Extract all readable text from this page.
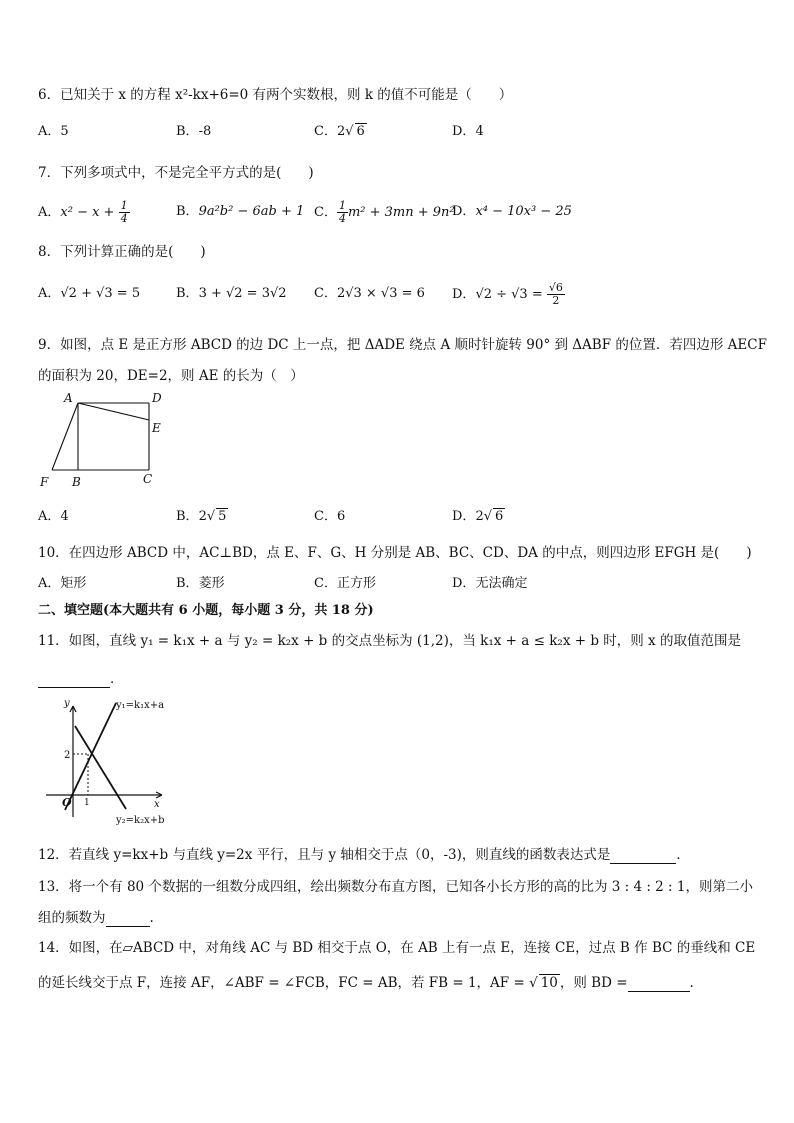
6．已知关于 x 的方程 x²-kx+6=0 有两个实数根，则 k 的值不可能是（　　）
A．5	B．-8	C．2√ 6	D．4
7．下列多项式中，不是完全平方式的是(　　)
A．$x^2 - x + \frac{1}{4}$	B．9a²b² − 6ab + 1 C． $\frac{1}{4} m^2 + 3mn + 9n^2$
D．x⁴ − 10x³ − 25
8．下列计算正确的是(　　)
A．√2 + √3 = 5	B．3 + √2 = 3√2 C．2√3 × √3 = 6 D．$√2 \div √3 = \frac{√6}{2}$
9．如图，点 E 是正方形 ABCD 的边 DC 上一点，把 ΔADE 绕点 A 顺时针旋转 90° 到 ΔABF 的位置．若四边形 AECF
的面积为 20，DE=2，则 AE 的长为（　）
A	D
E
F B	C
A．4	B．2√ 5	C．6	D．2√ 6
10．在四边形 ABCD 中，AC⊥BD，点 E、F、G、H 分别是 AB、BC、CD、DA 的中点，则四边形 EFGH 是(　　)
A．矩形	B．菱形	C．正方形	D．无法确定
二、填空题(本大题共有 6 小题，每小题 3 分，共 18 分)
11．如图，直线 y₁ = k₁x + a 与 y₂ = k₂x + b 的交点坐标为 (1,2)，当 k₁x + a ≤ k₂x + b 时，则 x 的取值范围是
．
y
x
O 1
2
y₁=k₁x+a
y₂=k₂x+b
12．若直线 y=kx+b 与直线 y=2x 平行，且与 y 轴相交于点（0，-3)，则直线的函数表达式是	．
13．将一个有 80 个数据的一组数分成四组，绘出频数分布直方图，已知各小长方形的高的比为 3 : 4 : 2 : 1，则第二小
组的频数为	.
14．如图，在▱ABCD 中，对角线 AC 与 BD 相交于点 O，在 AB 上有一点 E，连接 CE，过点 B 作 BC 的垂线和 CE
的延长线交于点 F，连接 AF，∠ABF = ∠FCB，FC = AB，若 FB = 1，AF = √ 10 ，则 BD =	.
